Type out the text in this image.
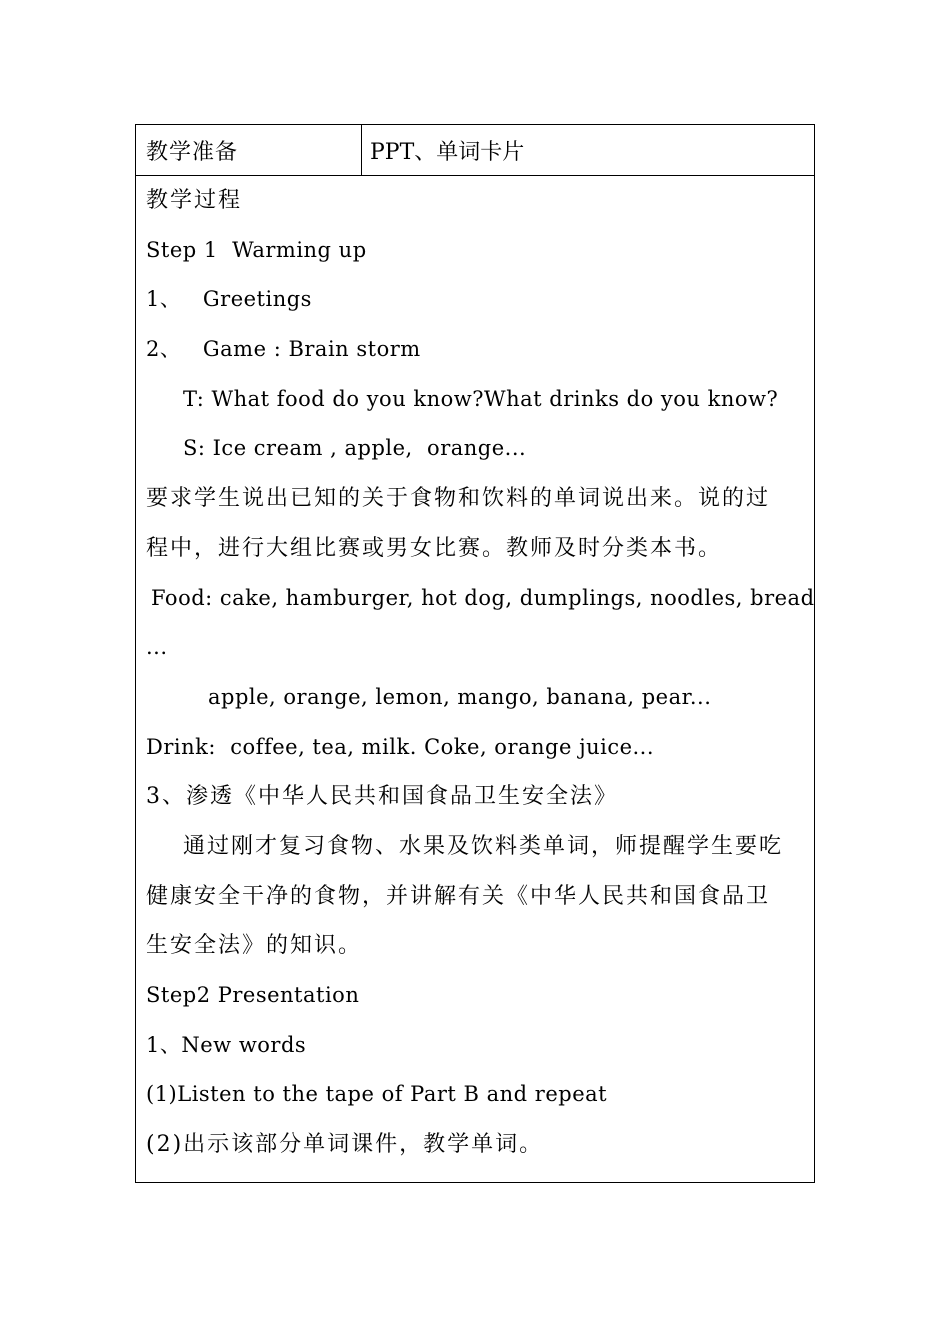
教学准备	PPT、单词卡片
教学过程
Step 1  Warming up
1、   Greetings
2、   Game : Brain storm
T: What food do you know?What drinks do you know?
S: Ice cream , apple,  orange...
要求学生说出已知的关于食物和饮料的单词说出来。说的过
程中，进行大组比赛或男女比赛。教师及时分类本书。
Food: cake, hamburger, hot dog, dumplings, noodles, bread
...
apple, orange, lemon, mango, banana, pear...
Drink:  coffee, tea, milk. Coke, orange juice...
3、渗透《中华人民共和国食品卫生安全法》
通过刚才复习食物、水果及饮料类单词，师提醒学生要吃
健康安全干净的食物，并讲解有关《中华人民共和国食品卫
生安全法》的知识。
Step2 Presentation
1、New words
(1)Listen to the tape of Part B and repeat
(2)出示该部分单词课件，教学单词。
